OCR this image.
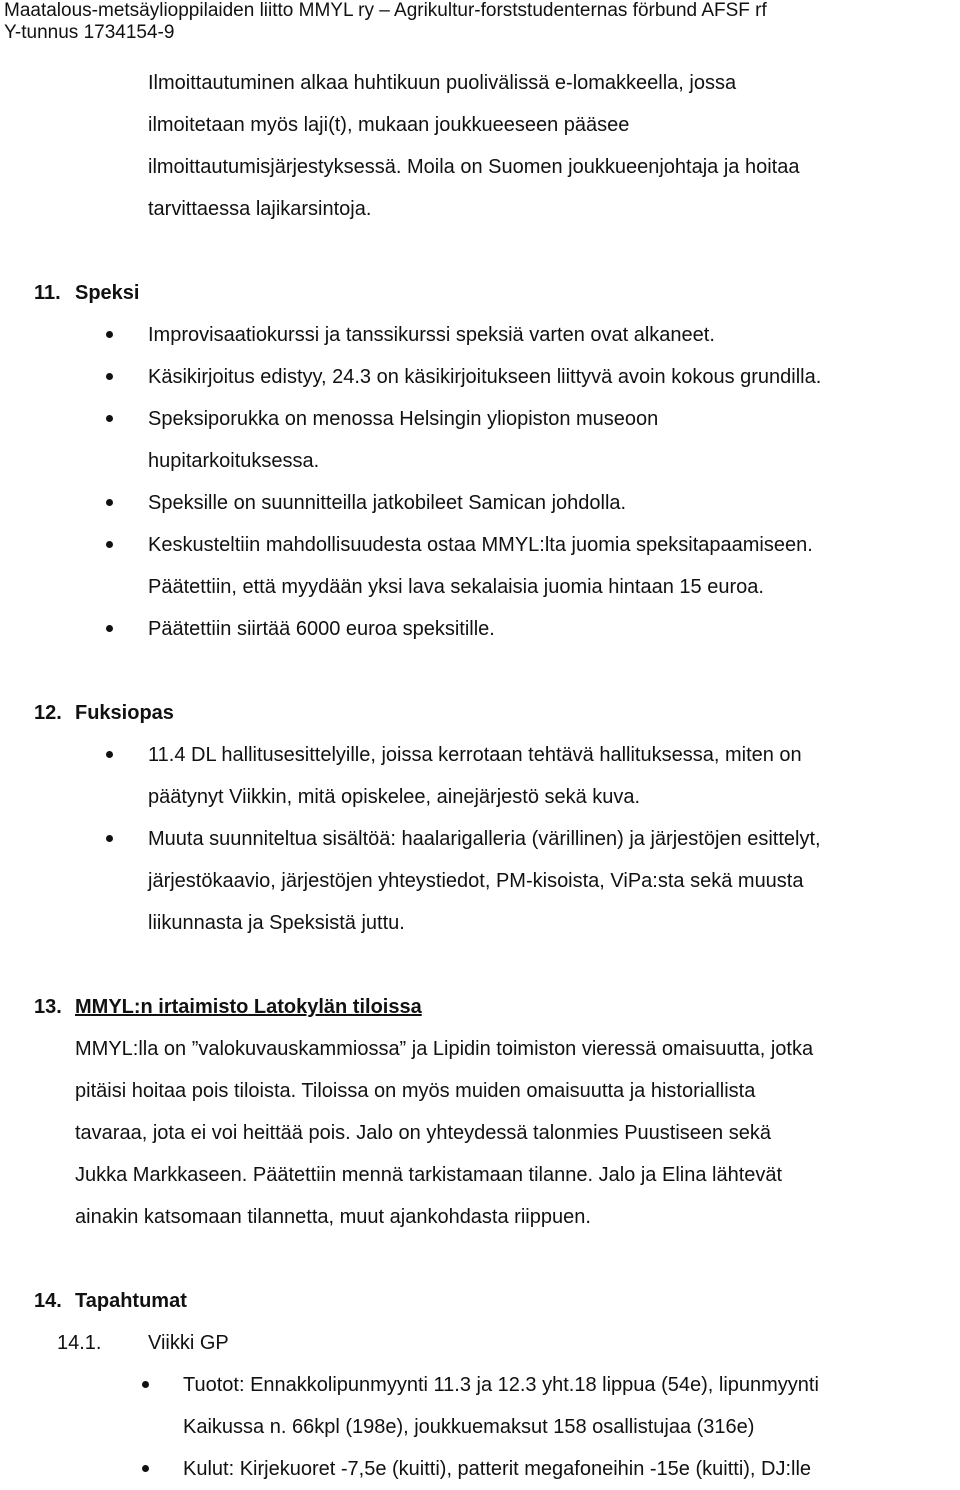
Maatalous-metsäylioppilaiden liitto MMYL ry – Agrikultur-forststudenternas förbund AFSF rf
Y-tunnus 1734154-9
Ilmoittautuminen alkaa huhtikuun puolivälissä e-lomakkeella, jossa
ilmoitetaan myös laji(t), mukaan joukkueeseen pääsee
ilmoittautumisjärjestyksessä. Moila on Suomen joukkueenjohtaja ja hoitaa
tarvittaessa lajikarsintoja.
11. Speksi
Improvisaatiokurssi ja tanssikurssi speksiä varten ovat alkaneet.
Käsikirjoitus edistyy, 24.3 on käsikirjoitukseen liittyvä avoin kokous grundilla.
Speksiporukka on menossa Helsingin yliopiston museoon
hupitarkoituksessa.
Speksille on suunnitteilla jatkobileet Samican johdolla.
Keskusteltiin mahdollisuudesta ostaa MMYL:lta juomia speksitapaamiseen.
Päätettiin, että myydään yksi lava sekalaisia juomia hintaan 15 euroa.
Päätettiin siirtää 6000 euroa speksitille.
12. Fuksiopas
11.4 DL hallitusesittelyille, joissa kerrotaan tehtävä hallituksessa, miten on
päätynyt Viikkin, mitä opiskelee, ainejärjestö sekä kuva.
Muuta suunniteltua sisältöä: haalarigalleria (värillinen) ja järjestöjen esittelyt,
järjestökaavio, järjestöjen yhteystiedot, PM-kisoista, ViPa:sta sekä muusta
liikunnasta ja Speksistä juttu.
13. MMYL:n irtaimisto Latokylän tiloissa
MMYL:lla on ”valokuvauskammiossa” ja Lipidin toimiston vieressä omaisuutta, jotka
pitäisi hoitaa pois tiloista. Tiloissa on myös muiden omaisuutta ja historiallista
tavaraa, jota ei voi heittää pois. Jalo on yhteydessä talonmies Puustiseen sekä
Jukka Markkaseen. Päätettiin mennä tarkistamaan tilanne. Jalo ja Elina lähtevät
ainakin katsomaan tilannetta, muut ajankohdasta riippuen.
14. Tapahtumat
14.1. Viikki GP
Tuotot: Ennakkolipunmyynti 11.3 ja 12.3 yht.18 lippua (54e), lipunmyynti
Kaikussa n. 66kpl (198e), joukkuemaksut 158 osallistujaa (316e)
Kulut: Kirjekuoret -7,5e (kuitti), patterit megafoneihin -15e (kuitti), DJ:lle
